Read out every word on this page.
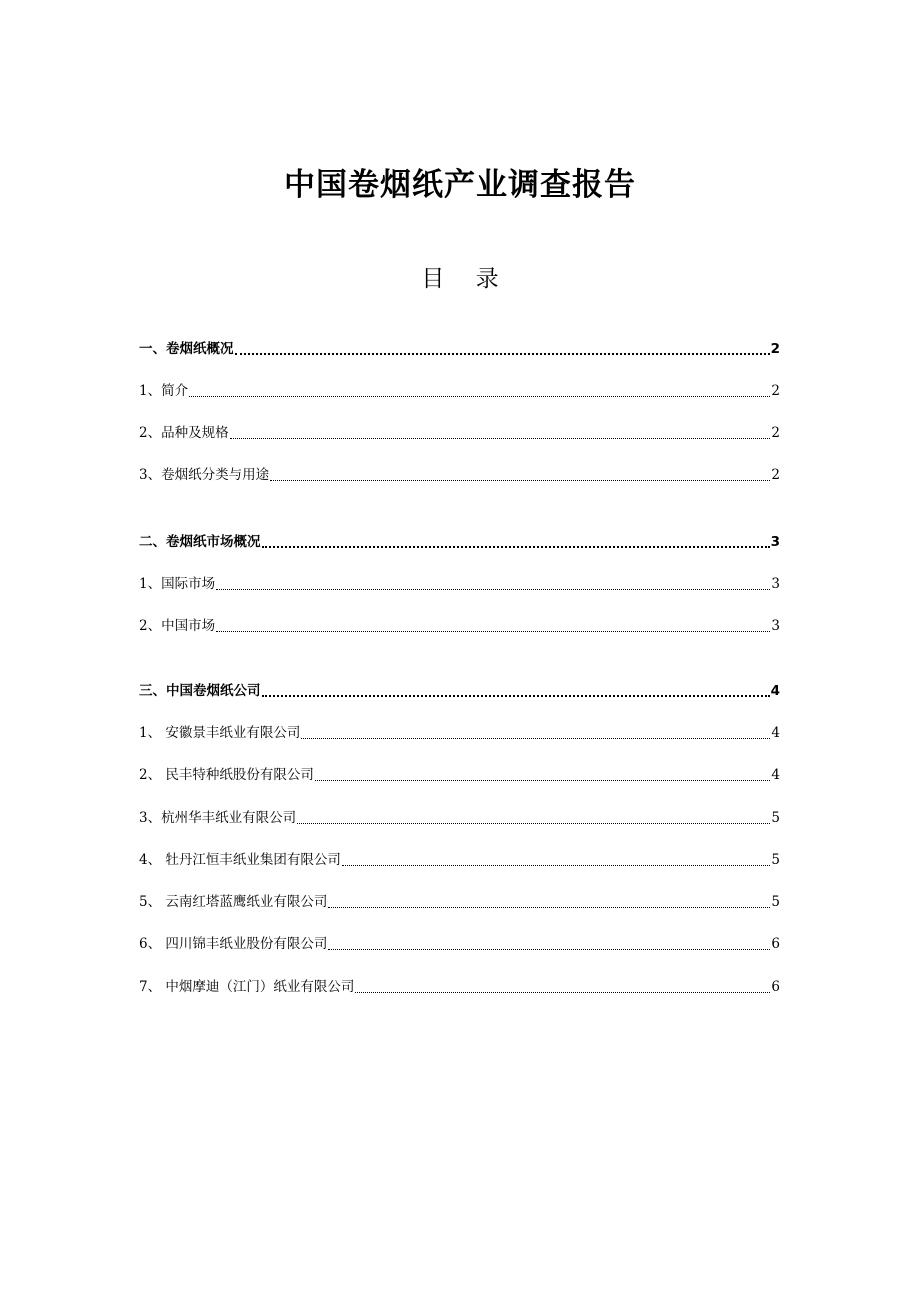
中国卷烟纸产业调查报告
目 录
一、卷烟纸概况	2
1、简介	2
2、品种及规格	2
3、卷烟纸分类与用途	2
二、卷烟纸市场概况	3
1、国际市场	3
2、中国市场	3
三、中国卷烟纸公司	4
1、 安徽景丰纸业有限公司	4
2、 民丰特种纸股份有限公司	4
3、杭州华丰纸业有限公司	5
4、 牡丹江恒丰纸业集团有限公司	5
5、 云南红塔蓝鹰纸业有限公司	5
6、 四川锦丰纸业股份有限公司	6
7、 中烟摩迪（江门）纸业有限公司	6
